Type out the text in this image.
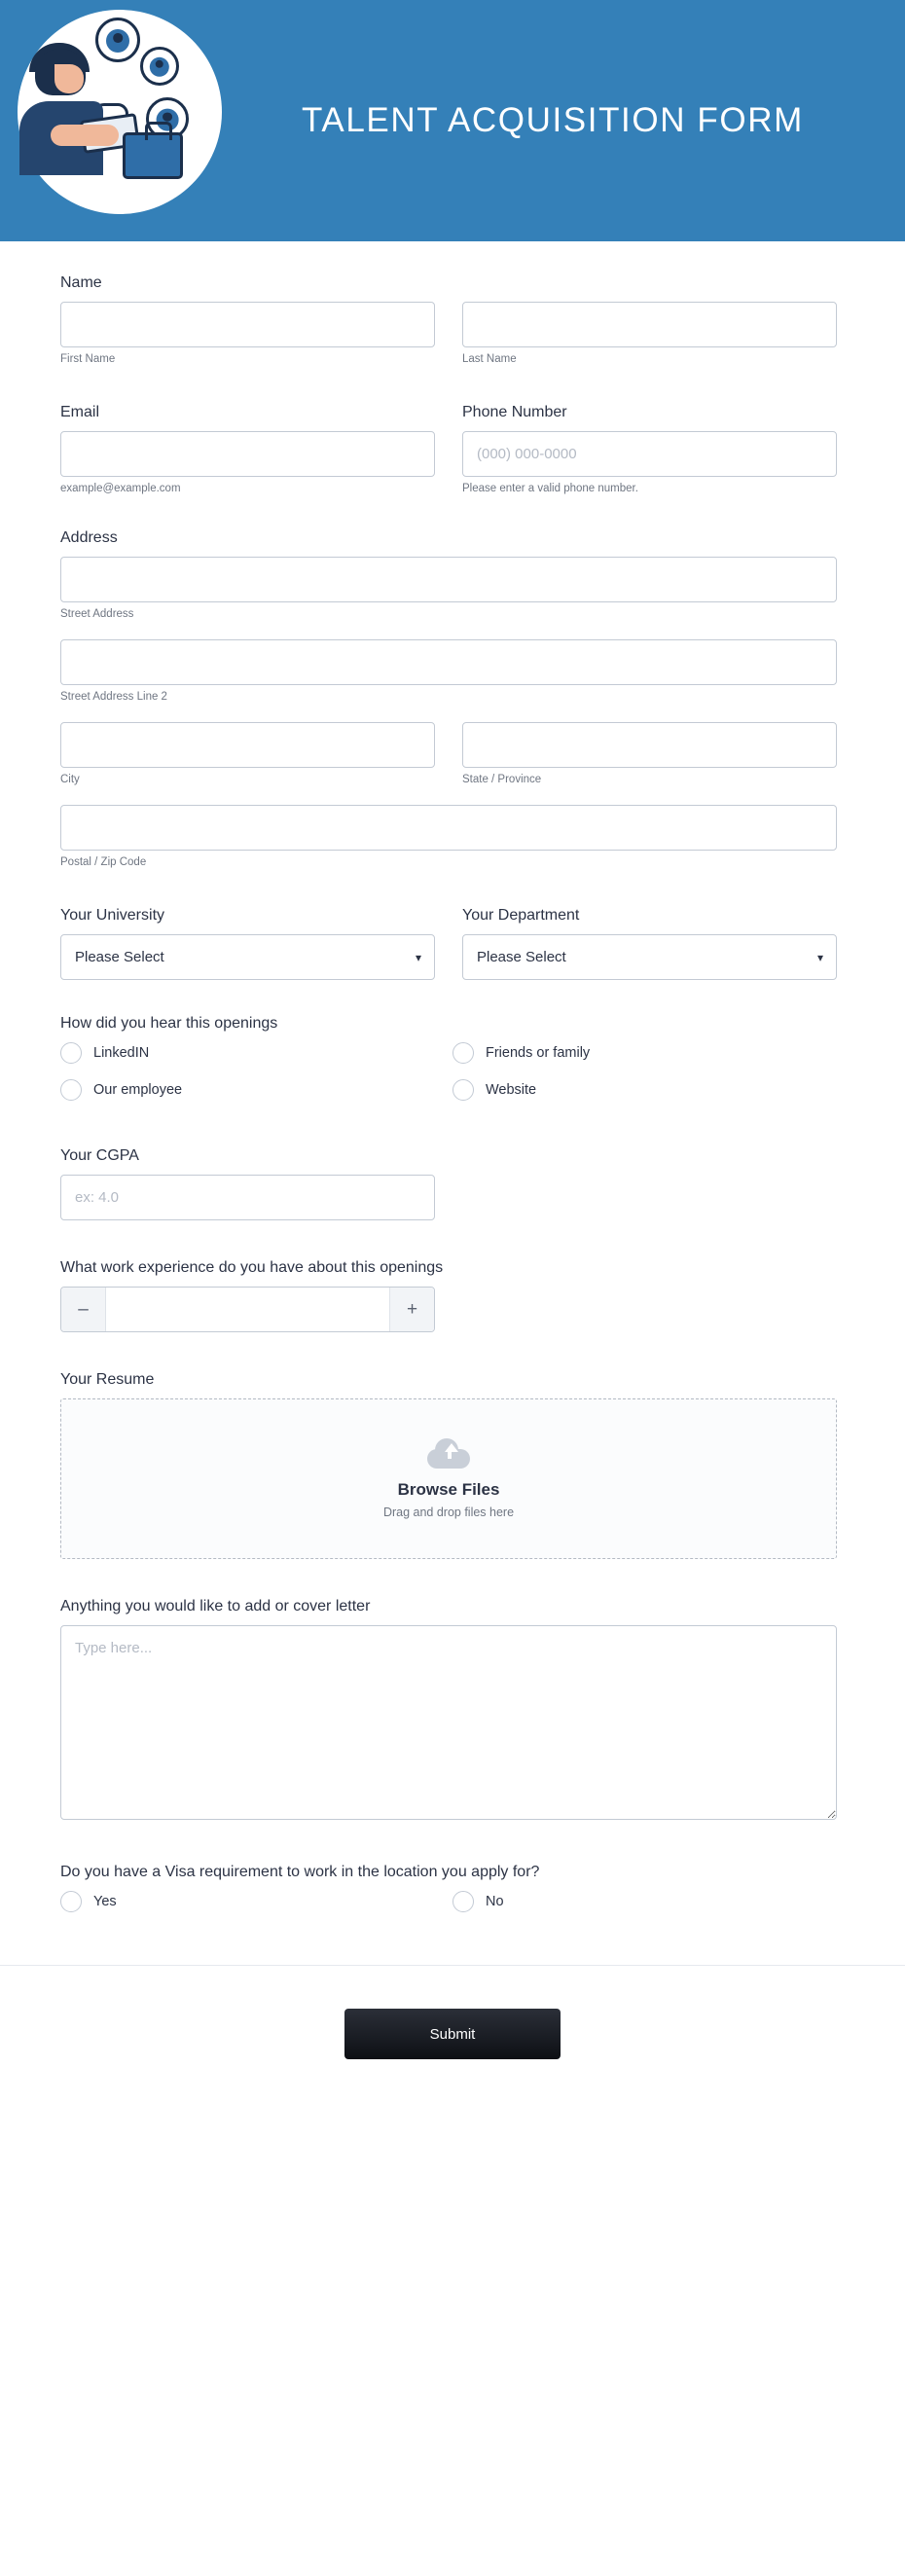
TALENT ACQUISITION FORM
Name
First Name	Last Name
Email
example@example.com
Phone Number
(000) 000-0000
Please enter a valid phone number.
Address
Street Address
Street Address Line 2
City	State / Province
Postal / Zip Code
Your University
Please Select
▾
Your Department
Please Select
▾
How did you hear this openings
LinkedIN	Friends or family
Our employee	Website
Your CGPA
ex: 4.0
What work experience do you have about this openings
–	+
Your Resume
Browse Files
Drag and drop files here
Anything you would like to add or cover letter
Type here...
Do you have a Visa requirement to work in the location you apply for?
Yes	No
Submit
